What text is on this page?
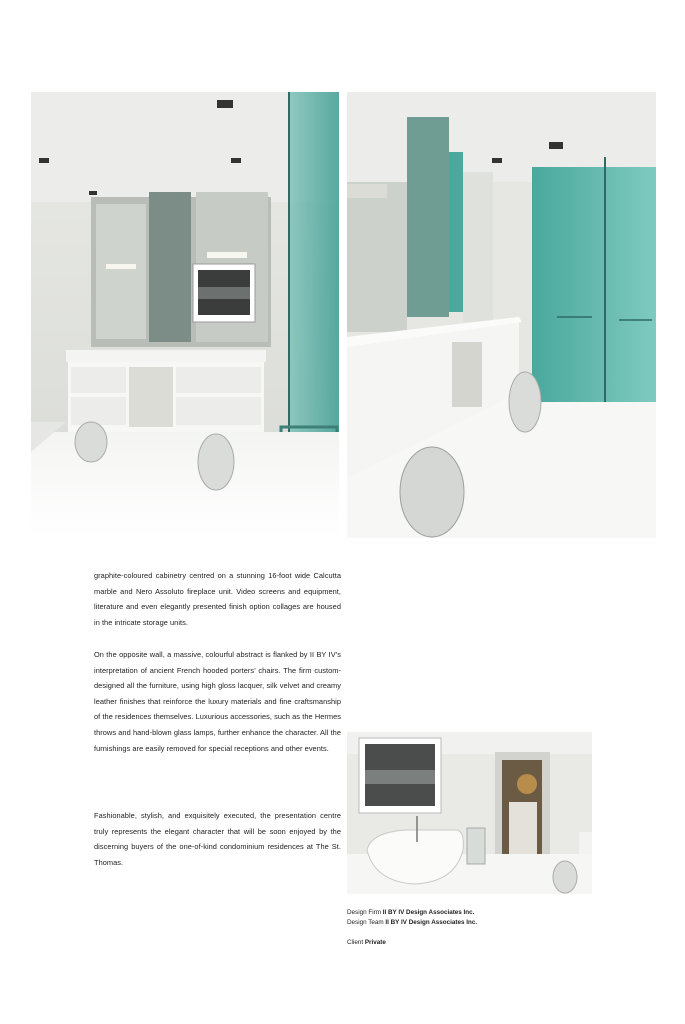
graphite-coloured cabinetry centred on a stunning 16-foot wide Calcutta marble and Nero Assoluto fireplace unit. Video screens and equipment, literature and even elegantly presented finish option collages are housed in the intricate storage units.

On the opposite wall, a massive, colourful abstract is flanked by II BY IV’s interpretation of ancient French hooded porters’ chairs. The firm custom-designed all the furniture, using high gloss lacquer, silk velvet and creamy leather finishes that reinforce the luxury materials and fine craftsmanship of the residences themselves. Luxurious accessories, such as the Hermes throws and hand-blown glass lamps, further enhance the character. All the furnishings are easily removed for special receptions and other events.

Fashionable, stylish, and exquisitely executed, the presentation centre truly represents the elegant character that will be soon enjoyed by the discerning buyers of the one-of-kind condominium residences at The St. Thomas.

Design Firm II BY IV Design Associates Inc.
Design Team II BY IV Design Associates Inc.
Client Private
